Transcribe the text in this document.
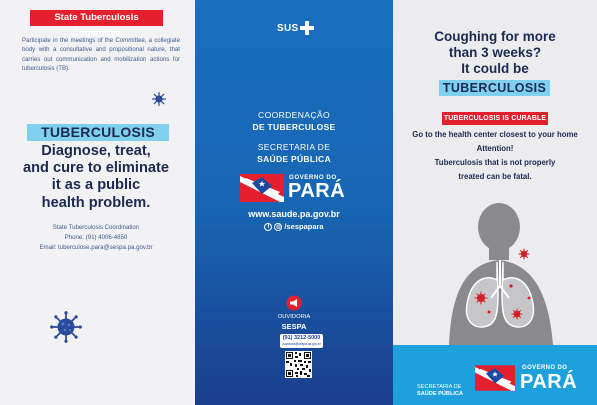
State Tuberculosis Committee
Participate in the meetings of the Committee, a collegiate body with a consultative and propositional nature, that carries out communication and mobilization actions for tuberculosis (TB).
TUBERCULOSIS
Diagnose, treat,
and cure to eliminate
it as a public
health problem.
State Tuberculosis Coordination
Phone: (91) 4006-4850
Email: tuberculose.para@sespa.pa.gov.br
SUS
COORDENAÇÃO
DE TUBERCULOSE
SECRETARIA DE
SAÚDE PÚBLICA
GOVERNO DO
PARÁ
www.saude.pa.gov.br
f	◎ /sespapara
OUVIDORIA
SESPA
(91) 3212-5000
ouvidoria@sespa.pa.gov.br
Coughing for more
than 3 weeks?
It could be
TUBERCULOSIS
TUBERCULOSIS IS CURABLE
Go to the health center closest to your home
Attention!
Tuberculosis that is not properly
treated can be fatal.
SECRETARIA DE
SAÚDE PÚBLICA
GOVERNO DO
PARÁ
